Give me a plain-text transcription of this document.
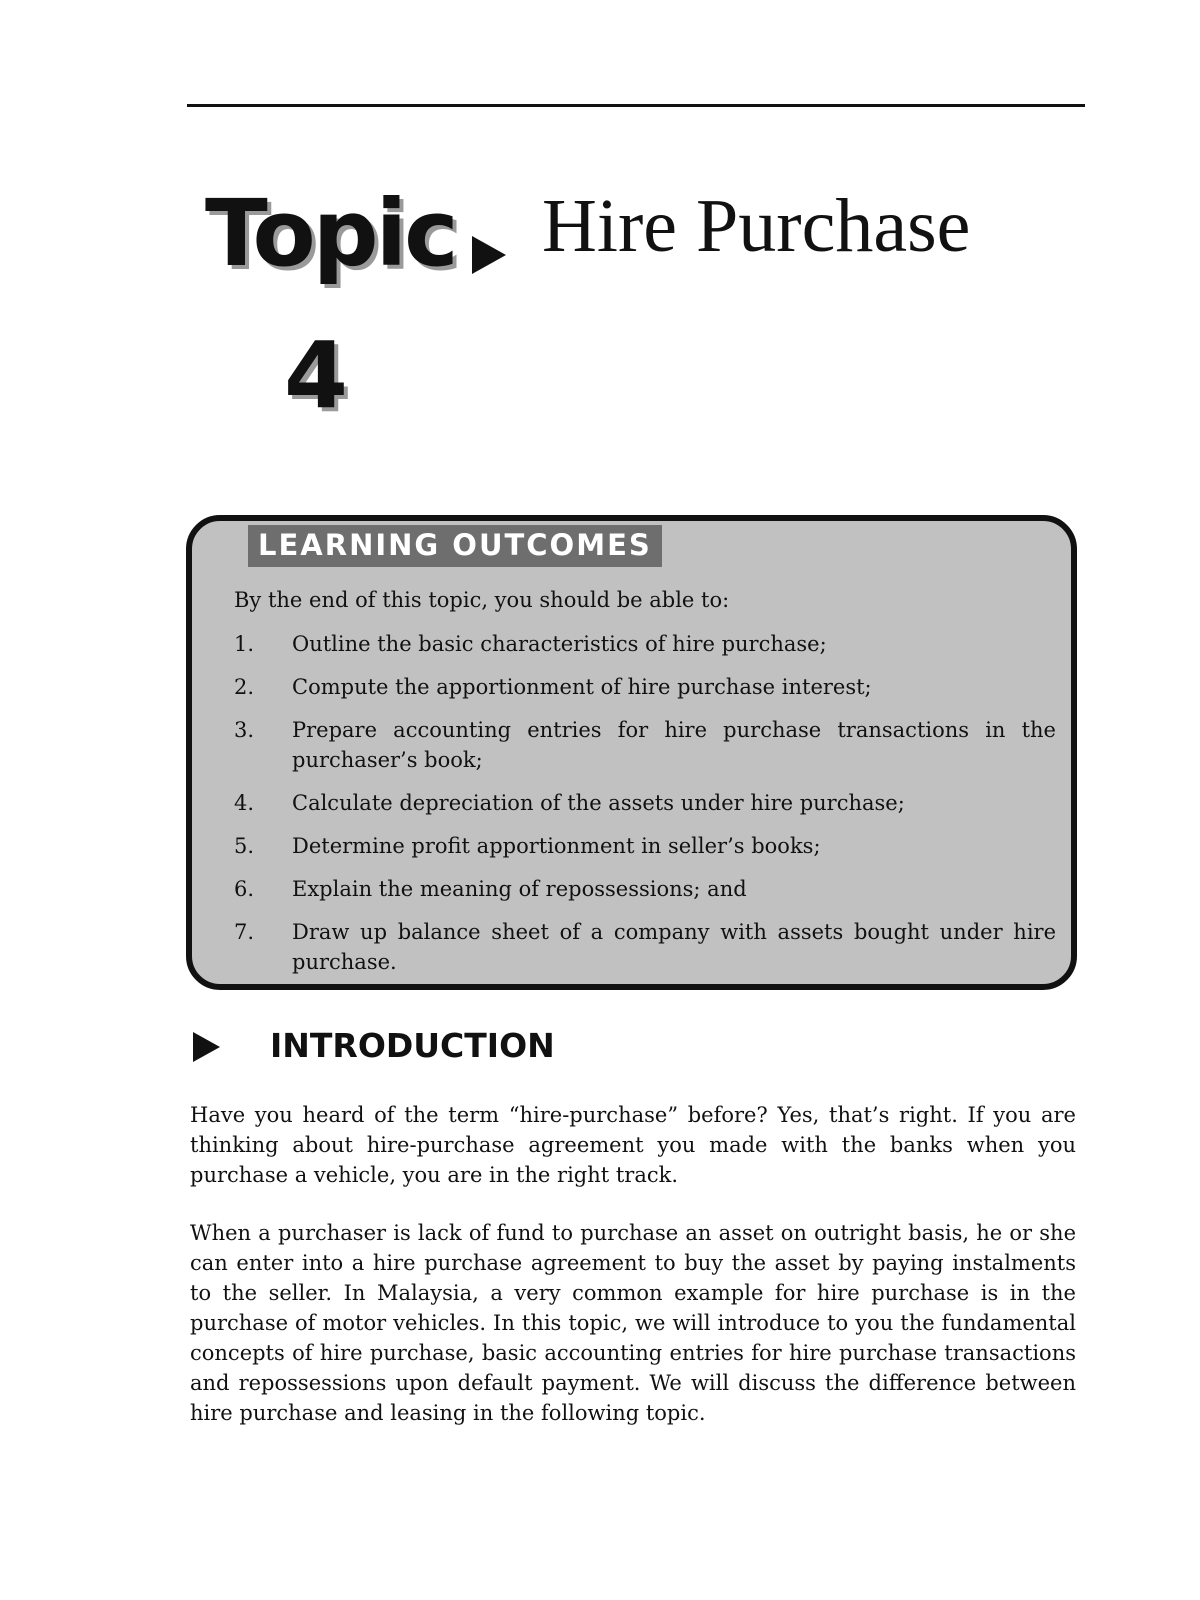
Topic
4
Hire Purchase
LEARNING OUTCOMES
By the end of this topic, you should be able to:
1.	Outline the basic characteristics of hire purchase;
2.	Compute the apportionment of hire purchase interest;
3.	Prepare accounting entries for hire purchase transactions in the purchaser’s book;
4.	Calculate depreciation of the assets under hire purchase;
5.	Determine profit apportionment in seller’s books;
6.	Explain the meaning of repossessions; and
7.	Draw up balance sheet of a company with assets bought under hire purchase.
INTRODUCTION

Have you heard of the term “hire-purchase” before? Yes, that’s right. If you are thinking about hire-purchase agreement you made with the banks when you purchase a vehicle, you are in the right track.

When a purchaser is lack of fund to purchase an asset on outright basis, he or she can enter into a hire purchase agreement to buy the asset by paying instalments to the seller. In Malaysia, a very common example for hire purchase is in the purchase of motor vehicles. In this topic, we will introduce to you the fundamental concepts of hire purchase, basic accounting entries for hire purchase transactions and repossessions upon default payment. We will discuss the difference between hire purchase and leasing in the following topic.
